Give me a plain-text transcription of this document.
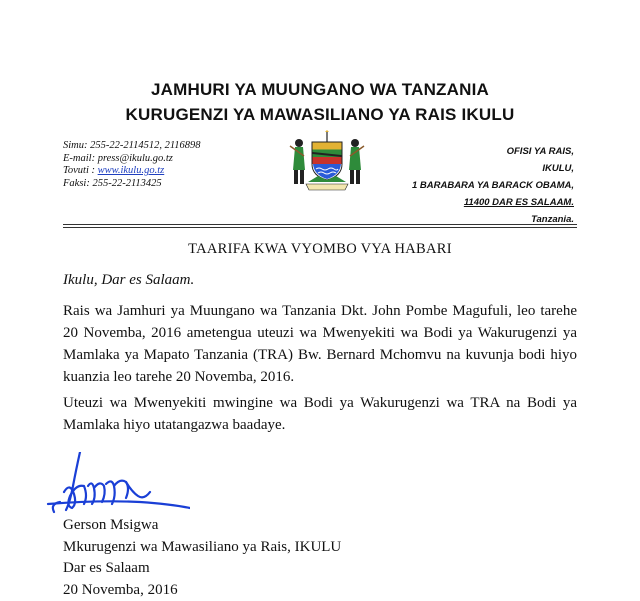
JAMHURI YA MUUNGANO WA TANZANIA
KURUGENZI YA MAWASILIANO YA RAIS IKULU
Simu: 255-22-2114512, 2116898
E-mail: press@ikulu.go.tz
Tovuti : www.ikulu.go.tz
Faksi: 255-22-2113425
OFISI YA RAIS,
IKULU,
1 BARABARA YA BARACK OBAMA,
11400 DAR ES SALAAM.
Tanzania.
TAARIFA KWA VYOMBO VYA HABARI
Ikulu, Dar es Salaam.
Rais wa Jamhuri ya Muungano wa Tanzania Dkt. John Pombe Magufuli, leo tarehe 20 Novemba, 2016 ametengua uteuzi wa Mwenyekiti wa Bodi ya Wakurugenzi ya Mamlaka ya Mapato Tanzania (TRA) Bw. Bernard Mchomvu na kuvunja bodi hiyo kuanzia leo tarehe 20 Novemba, 2016.
Uteuzi wa Mwenyekiti mwingine wa Bodi ya Wakurugenzi wa TRA na Bodi ya Mamlaka hiyo utatangazwa baadaye.
Gerson Msigwa
Mkurugenzi wa Mawasiliano ya Rais, IKULU
Dar es Salaam
20 Novemba, 2016
